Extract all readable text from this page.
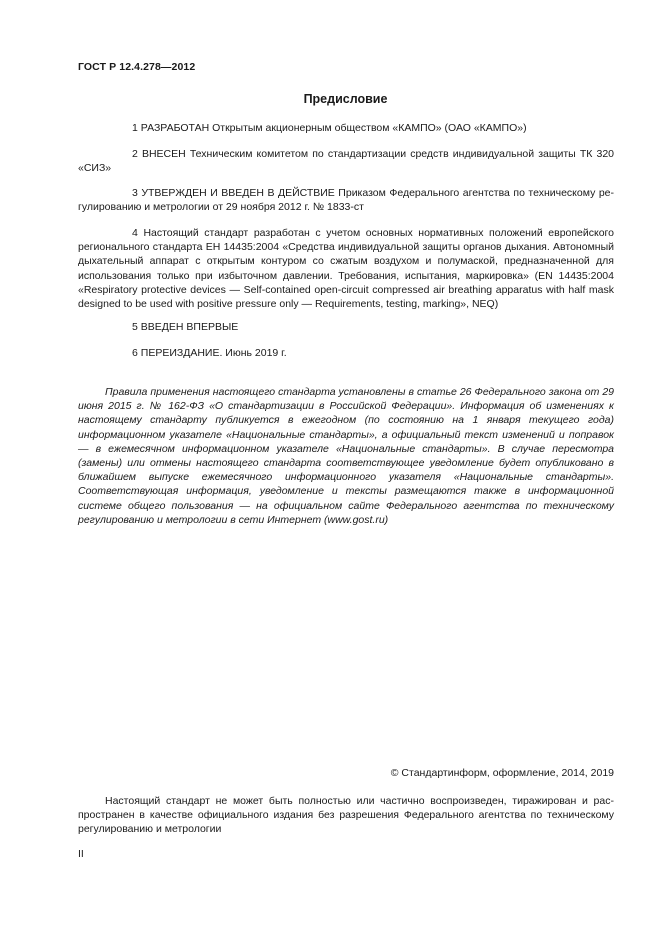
ГОСТ Р 12.4.278—2012
Предисловие
1 РАЗРАБОТАН Открытым акционерным обществом «КАМПО» (ОАО «КАМПО»)
2 ВНЕСЕН Техническим комитетом по стандартизации средств индивидуальной защиты ТК 320 «СИЗ»
3 УТВЕРЖДЕН И ВВЕДЕН В ДЕЙСТВИЕ Приказом Федерального агентства по техническому регулированию и метрологии от 29 ноября 2012 г. № 1833-ст
4 Настоящий стандарт разработан с учетом основных нормативных положений европейского регионального стандарта ЕН 14435:2004 «Средства индивидуальной защиты органов дыхания. Автономный дыхательный аппарат с открытым контуром со сжатым воздухом и полумаской, предназначенной для использования только при избыточном давлении. Требования, испытания, маркировка» (EN 14435:2004 «Respiratory protective devices — Self-contained open-circuit compressed air breathing apparatus with half mask designed to be used with positive pressure only — Requirements, testing, marking», NEQ)
5 ВВЕДЕН ВПЕРВЫЕ
6 ПЕРЕИЗДАНИЕ. Июнь 2019 г.
Правила применения настоящего стандарта установлены в статье 26 Федерального закона от 29 июня 2015 г. № 162-ФЗ «О стандартизации в Российской Федерации». Информация об изменениях к настоящему стандарту публикуется в ежегодном (по состоянию на 1 января текущего года) информационном указателе «Национальные стандарты», а официальный текст изменений и поправок — в ежемесячном информационном указателе «Национальные стандарты». В случае пересмотра (замены) или отмены настоящего стандарта соответствующее уведомление будет опубликовано в ближайшем выпуске ежемесячного информационного указателя «Национальные стандарты». Соответствующая информация, уведомление и тексты размещаются также в информационной системе общего пользования — на официальном сайте Федерального агентства по техническому регулированию и метрологии в сети Интернет (www.gost.ru)
© Стандартинформ, оформление, 2014, 2019
Настоящий стандарт не может быть полностью или частично воспроизведен, тиражирован и распространен в качестве официального издания без разрешения Федерального агентства по техническому регулированию и метрологии
II
